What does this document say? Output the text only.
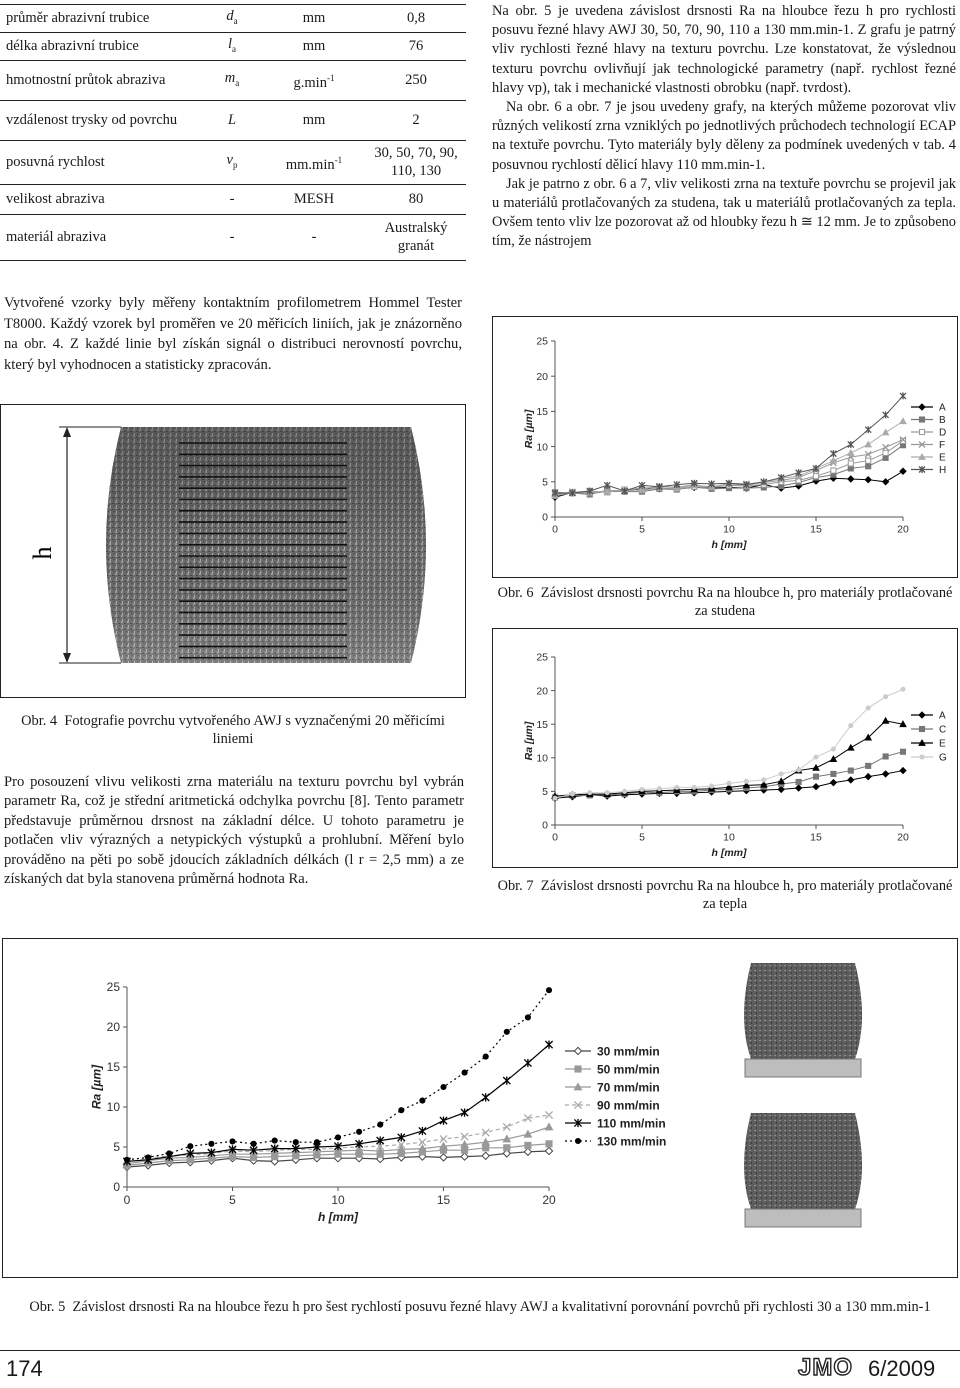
průměr abrazivní trubice	$d_a$	mm	0,8
délka abrazivní trubice	$l_a$	mm	76
hmotnostní průtok abraziva	$m_a$	$g.\min^{-1}$	250
vzdálenost trysky od povrchu	L	mm	2
posuvná rychlost	$v_p$	$mm.\min^{-1}$	30, 50, 70, 90, 110, 130
velikost abraziva	-	MESH	80
materiál abraziva	-	-	Australský granát

Vytvořené vzorky byly měřeny kontaktním profilometrem Hommel Tester T8000. Každý vzorek byl proměřen ve 20 měřicích liniích, jak je znázorněno na obr. 4. Z každé linie byl získán signál o distribuci nerovností povrchu, který byl vyhodnocen a statisticky zpracován.

h
Obr. 4 Fotografie povrchu vytvořeného AWJ s vyznačenými 20 měřicími liniemi

Pro posouzení vlivu velikosti zrna materiálu na texturu povrchu byl vybrán parametr Ra, což je střední aritmetická odchylka povrchu [8]. Tento parametr představuje průměrnou drsnost na základní délce. U tohoto parametru je potlačen vliv výrazných a netypických výstupků a prohlubní. Měření bylo prováděno na pěti po sobě jdoucích základních délkách (l r = 2,5 mm) a ze získaných dat byla stanovena průměrná hodnota Ra.

Na obr. 5 je uvedena závislost drsnosti Ra na hloubce řezu h pro rychlosti posuvu řezné hlavy AWJ 30, 50, 70, 90, 110 a 130 mm.min-1. Z grafu je patrný vliv rychlosti řezné hlavy na texturu povrchu. Lze konstatovat, že výslednou texturu povrchu ovlivňují jak technologické parametry (např. rychlost řezné hlavy vp), tak i mechanické vlastnosti obrobku (např. tvrdost).

Na obr. 6 a obr. 7 je jsou uvedeny grafy, na kterých můžeme pozorovat vliv různých velikostí zrna vzniklých po jednotlivých průchodech technologií ECAP na textuře povrchu. Tyto materiály byly děleny za podmínek uvedených v tab. 4 posuvnou rychlostí dělicí hlavy 110 mm.min-1.

Jak je patrno z obr. 6 a 7, vliv velikosti zrna na textuře povrchu se projevil jak u materiálů protlačovaných za studena, tak u materiálů protlačovaných za tepla. Ovšem tento vliv lze pozorovat až od hloubky řezu h ≅ 12 mm. Je to způsobeno tím, že nástrojem

0	5	10	15	20
0
5
10
15
20
25
h [mm]
Ra [µm]
A
B
D
F
E
H
Obr. 6 Závislost drsnosti povrchu Ra na hloubce h, pro materiály protlačované za studena
0	5	10	15	20
0
5
10
15
20
25
h [mm]
Ra [µm]
A
C
E
G
Obr. 7 Závislost drsnosti povrchu Ra na hloubce h, pro materiály protlačované za tepla
0	5	10	15	20
0
5
10
15
20
25
h [mm]
Ra [µm]
30 mm/min
50 mm/min
70 mm/min
90 mm/min
110 mm/min
130 mm/min
Obr. 5 Závislost drsnosti Ra na hloubce řezu h pro šest rychlostí posuvu řezné hlavy AWJ a kvalitativní porovnání povrchů při rychlosti 30 a 130 mm.min-1
174	JMO 6/2009
